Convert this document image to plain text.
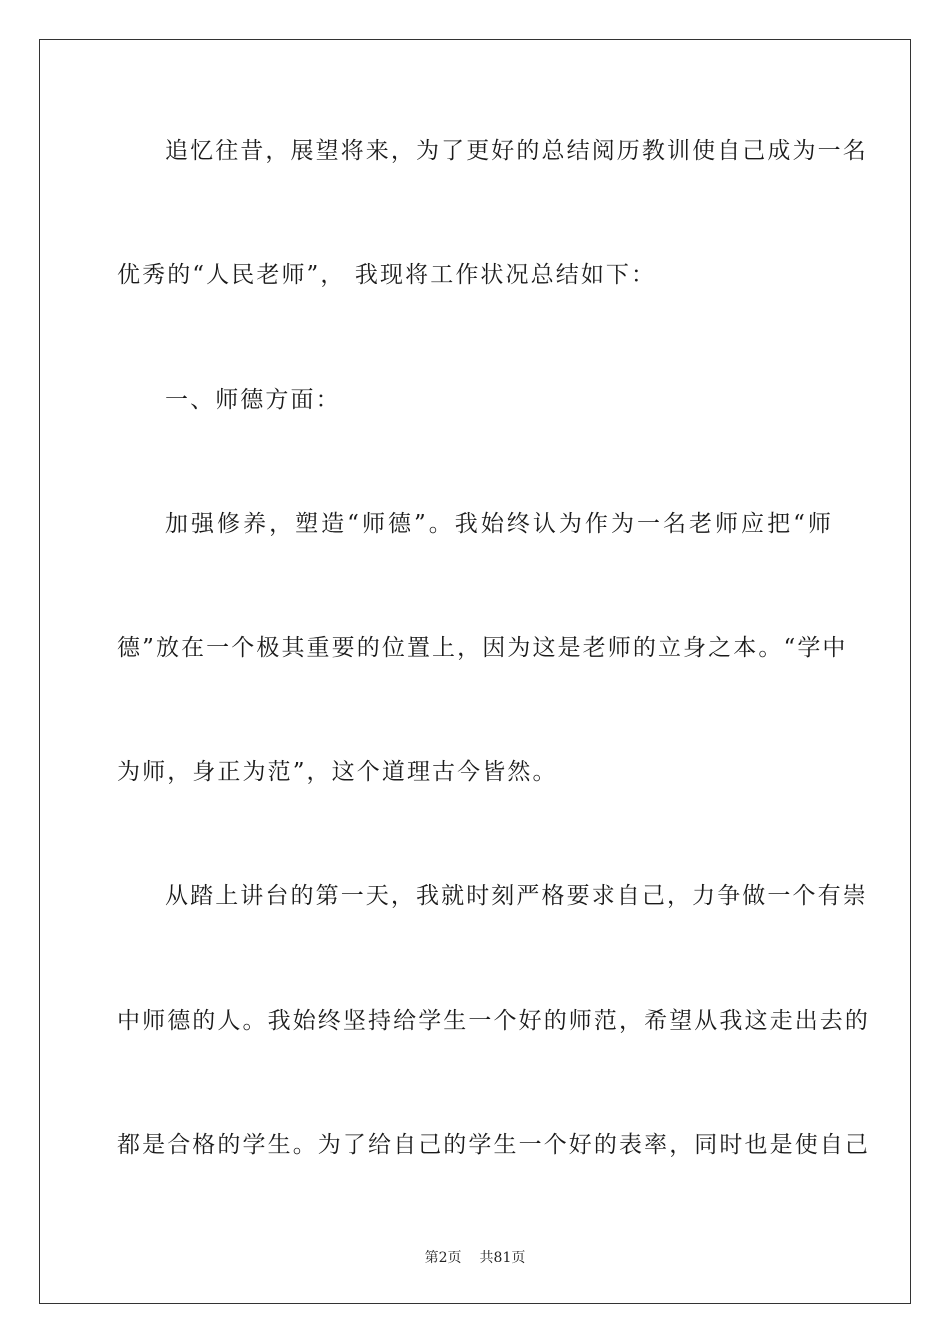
追忆往昔，展望将来，为了更好的总结阅历教训使自己成为一名
优秀的“人民老师”， 我现将工作状况总结如下：
一、师德方面：
加强修养，塑造“师德”。我始终认为作为一名老师应把“师
德”放在一个极其重要的位置上，因为这是老师的立身之本。“学中
为师，身正为范”，这个道理古今皆然。
从踏上讲台的第一天，我就时刻严格要求自己，力争做一个有崇
中师德的人。我始终坚持给学生一个好的师范，希望从我这走出去的
都是合格的学生。为了给自己的学生一个好的表率，同时也是使自己
第2页 共81页
